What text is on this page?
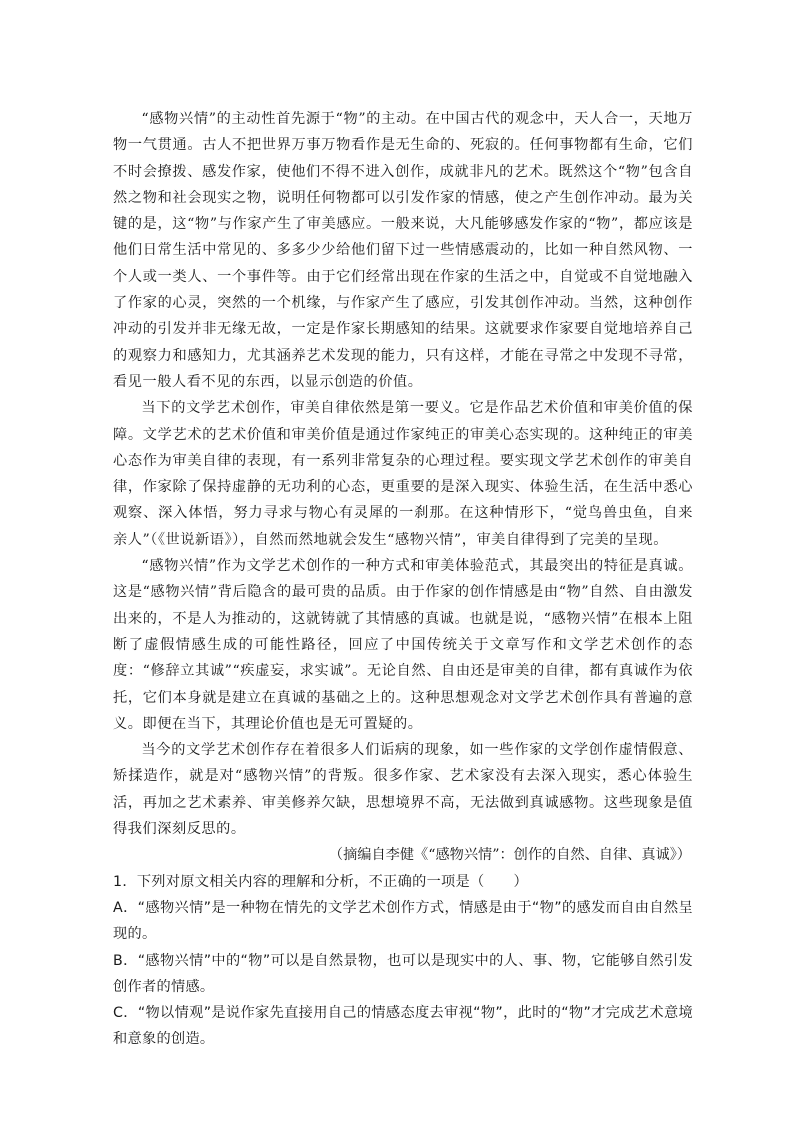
“感物兴情”的主动性首先源于“物”的主动。在中国古代的观念中，天人合一，天地万物一气贯通。古人不把世界万事万物看作是无生命的、死寂的。任何事物都有生命，它们不时会撩拨、感发作家，使他们不得不进入创作，成就非凡的艺术。既然这个“物”包含自然之物和社会现实之物，说明任何物都可以引发作家的情感，使之产生创作冲动。最为关键的是，这“物”与作家产生了审美感应。一般来说，大凡能够感发作家的“物”，都应该是他们日常生活中常见的、多多少少给他们留下过一些情感震动的，比如一种自然风物、一个人或一类人、一个事件等。由于它们经常出现在作家的生活之中，自觉或不自觉地融入了作家的心灵，突然的一个机缘，与作家产生了感应，引发其创作冲动。当然，这种创作冲动的引发并非无缘无故，一定是作家长期感知的结果。这就要求作家要自觉地培养自己的观察力和感知力，尤其涵养艺术发现的能力，只有这样，才能在寻常之中发现不寻常，看见一般人看不见的东西，以显示创造的价值。

当下的文学艺术创作，审美自律依然是第一要义。它是作品艺术价值和审美价值的保障。文学艺术的艺术价值和审美价值是通过作家纯正的审美心态实现的。这种纯正的审美心态作为审美自律的表现，有一系列非常复杂的心理过程。要实现文学艺术创作的审美自律，作家除了保持虚静的无功利的心态，更重要的是深入现实、体验生活，在生活中悉心观察、深入体悟，努力寻求与物心有灵犀的一刹那。在这种情形下，“觉鸟兽虫鱼，自来亲人”（《世说新语》），自然而然地就会发生“感物兴情”，审美自律得到了完美的呈现。

“感物兴情”作为文学艺术创作的一种方式和审美体验范式，其最突出的特征是真诚。这是“感物兴情”背后隐含的最可贵的品质。由于作家的创作情感是由“物”自然、自由激发出来的，不是人为推动的，这就铸就了其情感的真诚。也就是说，“感物兴情”在根本上阻断了虚假情感生成的可能性路径，回应了中国传统关于文章写作和文学艺术创作的态度：“修辞立其诚”“疾虚妄，求实诚”。无论自然、自由还是审美的自律，都有真诚作为依托，它们本身就是建立在真诚的基础之上的。这种思想观念对文学艺术创作具有普遍的意义。即便在当下，其理论价值也是无可置疑的。

当今的文学艺术创作存在着很多人们诟病的现象，如一些作家的文学创作虚情假意、矫揉造作，就是对“感物兴情”的背叛。很多作家、艺术家没有去深入现实，悉心体验生活，再加之艺术素养、审美修养欠缺，思想境界不高，无法做到真诚感物。这些现象是值得我们深刻反思的。

（摘编自李健《“感物兴情”：创作的自然、自律、真诚》）

1．下列对原文相关内容的理解和分析，不正确的一项是（　　）

A．“感物兴情”是一种物在情先的文学艺术创作方式，情感是由于“物”的感发而自由自然呈现的。

B．“感物兴情”中的“物”可以是自然景物，也可以是现实中的人、事、物，它能够自然引发创作者的情感。

C．“物以情观”是说作家先直接用自己的情感态度去审视“物”，此时的“物”才完成艺术意境和意象的创造。
